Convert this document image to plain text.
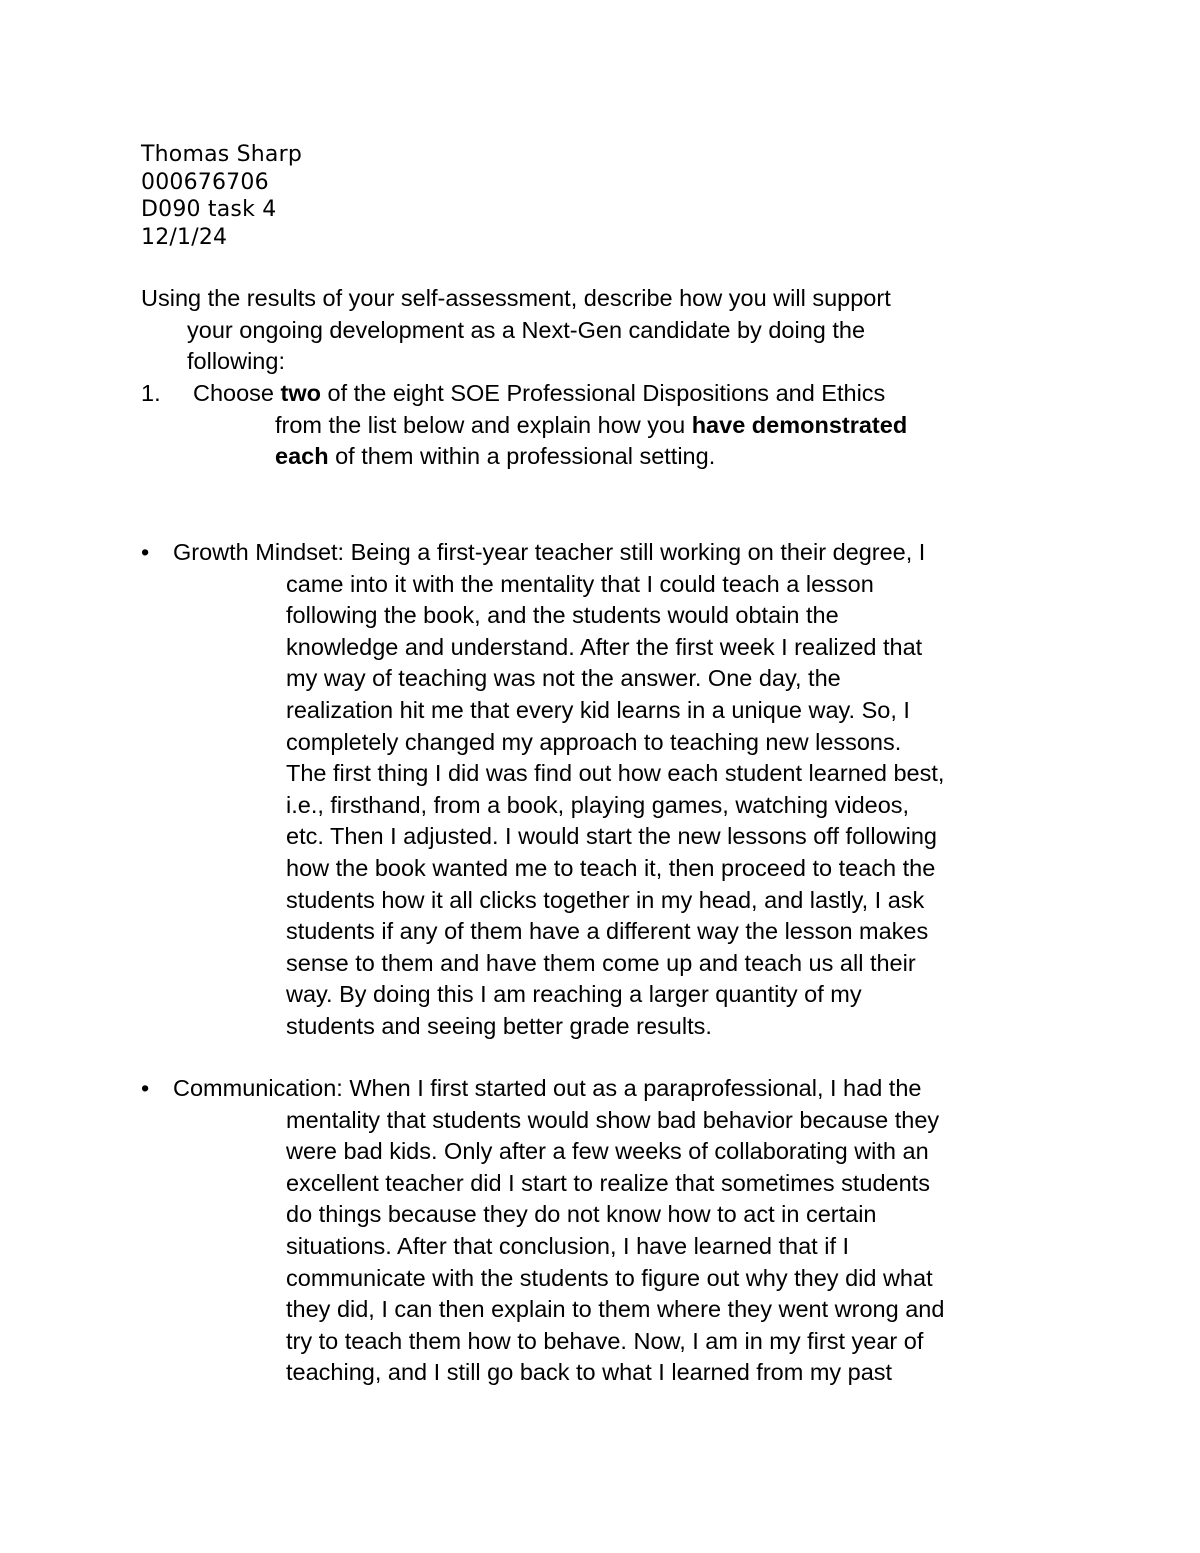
Thomas Sharp
000676706
D090 task 4
12/1/24
Using the results of your self-assessment, describe how you will support
your ongoing development as a Next-Gen candidate by doing the
following:
1.	Choose two of the eight SOE Professional Dispositions and Ethics
from the list below and explain how you have demonstrated
each of them within a professional setting.
•	Growth Mindset: Being a first-year teacher still working on their degree, I
came into it with the mentality that I could teach a lesson
following the book, and the students would obtain the
knowledge and understand. After the first week I realized that
my way of teaching was not the answer. One day, the
realization hit me that every kid learns in a unique way. So, I
completely changed my approach to teaching new lessons.
The first thing I did was find out how each student learned best,
i.e., firsthand, from a book, playing games, watching videos,
etc. Then I adjusted. I would start the new lessons off following
how the book wanted me to teach it, then proceed to teach the
students how it all clicks together in my head, and lastly, I ask
students if any of them have a different way the lesson makes
sense to them and have them come up and teach us all their
way. By doing this I am reaching a larger quantity of my
students and seeing better grade results.
•	Communication: When I first started out as a paraprofessional, I had the
mentality that students would show bad behavior because they
were bad kids. Only after a few weeks of collaborating with an
excellent teacher did I start to realize that sometimes students
do things because they do not know how to act in certain
situations. After that conclusion, I have learned that if I
communicate with the students to figure out why they did what
they did, I can then explain to them where they went wrong and
try to teach them how to behave. Now, I am in my first year of
teaching, and I still go back to what I learned from my past
